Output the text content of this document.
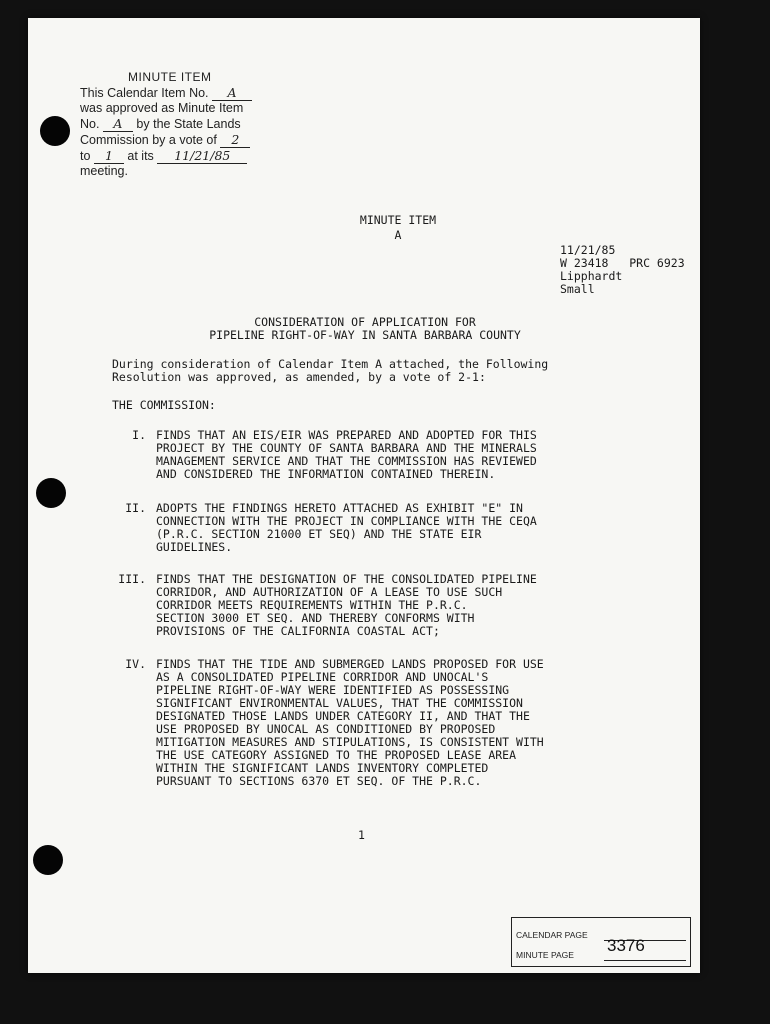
MINUTE ITEM
This Calendar Item No. A
was approved as Minute Item
No. A by the State Lands
Commission by a vote of 2
to 1 at its 11/21/85
meeting.
MINUTE ITEM
A
11/21/85
W 23418   PRC 6923
Lipphardt
Small
CONSIDERATION OF APPLICATION FOR
PIPELINE RIGHT-OF-WAY IN SANTA BARBARA COUNTY
During consideration of Calendar Item A attached, the Following
Resolution was approved, as amended, by a vote of 2-1:
THE COMMISSION:
I. FINDS THAT AN EIS/EIR WAS PREPARED AND ADOPTED FOR THIS
PROJECT BY THE COUNTY OF SANTA BARBARA AND THE MINERALS
MANAGEMENT SERVICE AND THAT THE COMMISSION HAS REVIEWED
AND CONSIDERED THE INFORMATION CONTAINED THEREIN.
II. ADOPTS THE FINDINGS HERETO ATTACHED AS EXHIBIT "E" IN
CONNECTION WITH THE PROJECT IN COMPLIANCE WITH THE CEQA
(P.R.C. SECTION 21000 ET SEQ) AND THE STATE EIR
GUIDELINES.
III. FINDS THAT THE DESIGNATION OF THE CONSOLIDATED PIPELINE
CORRIDOR, AND AUTHORIZATION OF A LEASE TO USE SUCH
CORRIDOR MEETS REQUIREMENTS WITHIN THE P.R.C.
SECTION 3000 ET SEQ. AND THEREBY CONFORMS WITH
PROVISIONS OF THE CALIFORNIA COASTAL ACT;
IV. FINDS THAT THE TIDE AND SUBMERGED LANDS PROPOSED FOR USE
AS A CONSOLIDATED PIPELINE CORRIDOR AND UNOCAL'S
PIPELINE RIGHT-OF-WAY WERE IDENTIFIED AS POSSESSING
SIGNIFICANT ENVIRONMENTAL VALUES, THAT THE COMMISSION
DESIGNATED THOSE LANDS UNDER CATEGORY II, AND THAT THE
USE PROPOSED BY UNOCAL AS CONDITIONED BY PROPOSED
MITIGATION MEASURES AND STIPULATIONS, IS CONSISTENT WITH
THE USE CATEGORY ASSIGNED TO THE PROPOSED LEASE AREA
WITHIN THE SIGNIFICANT LANDS INVENTORY COMPLETED
PURSUANT TO SECTIONS 6370 ET SEQ. OF THE P.R.C.
1
CALENDAR PAGE
MINUTE PAGE 3376
